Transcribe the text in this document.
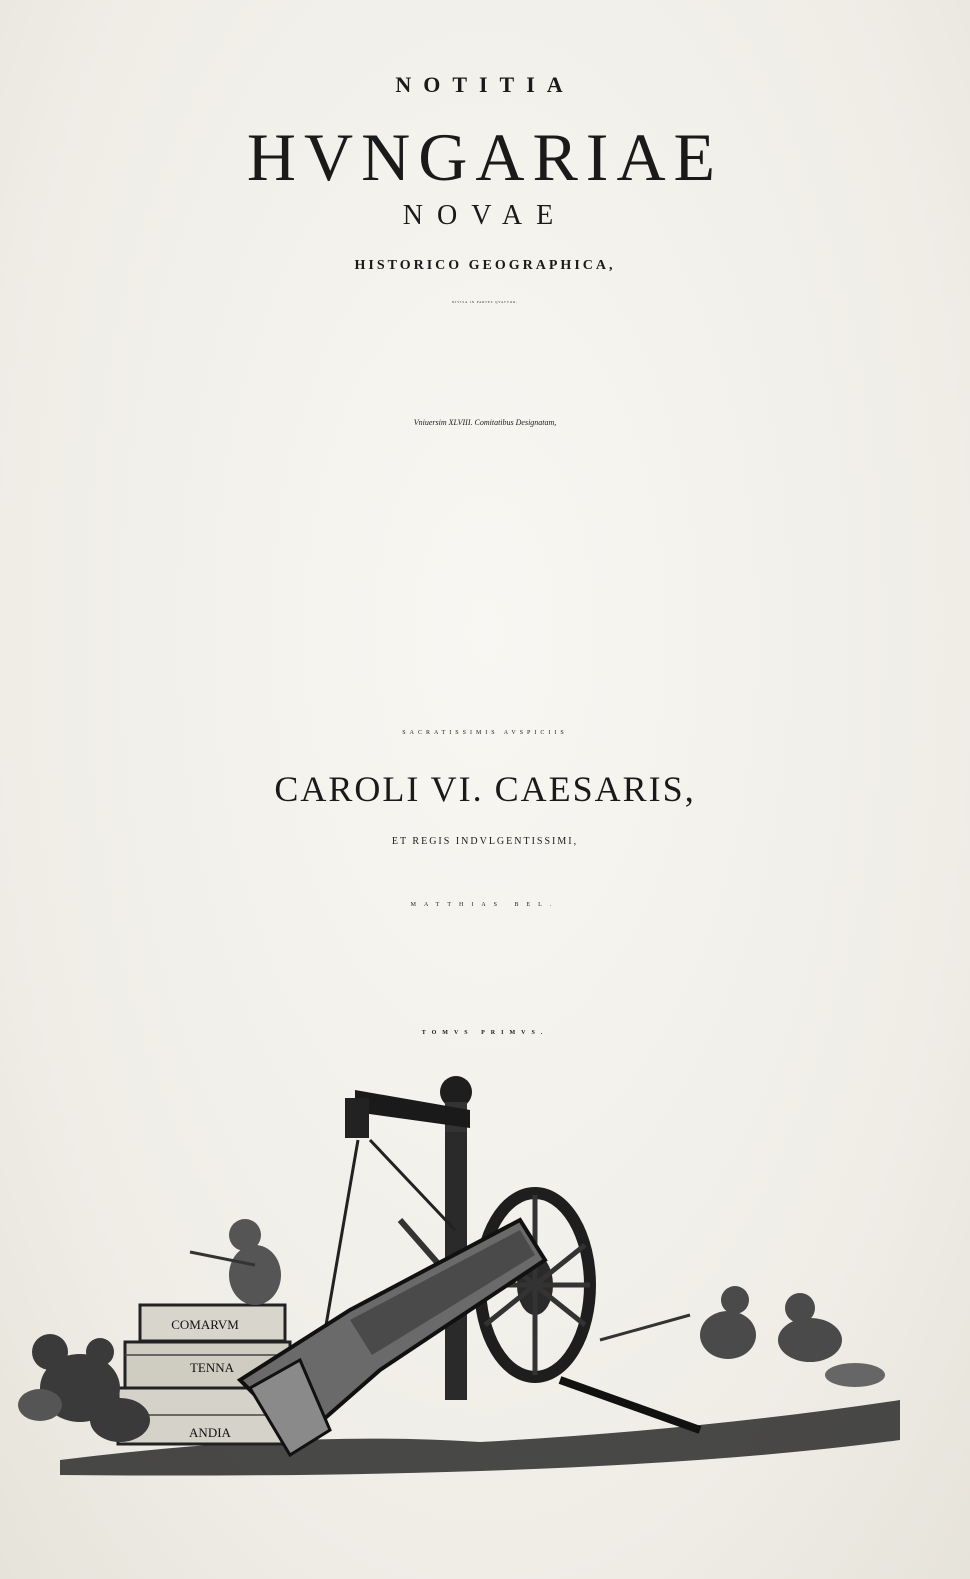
NOTITIA
HVNGARIAE
NOVAE
HISTORICO GEOGRAPHICA,
DIVISA IN PARTES QVATVOR,
Vniuersim XLVIII. Comitatibus Designatam,
SACRATISSIMIS AVSPICIIS
CAROLI VI. CAESARIS,
ET REGIS INDVLGENTISSIMI,
MATTHIAS BEL.
TOMVS PRIMVS.
COMARVM
TENNA
ANDIA
